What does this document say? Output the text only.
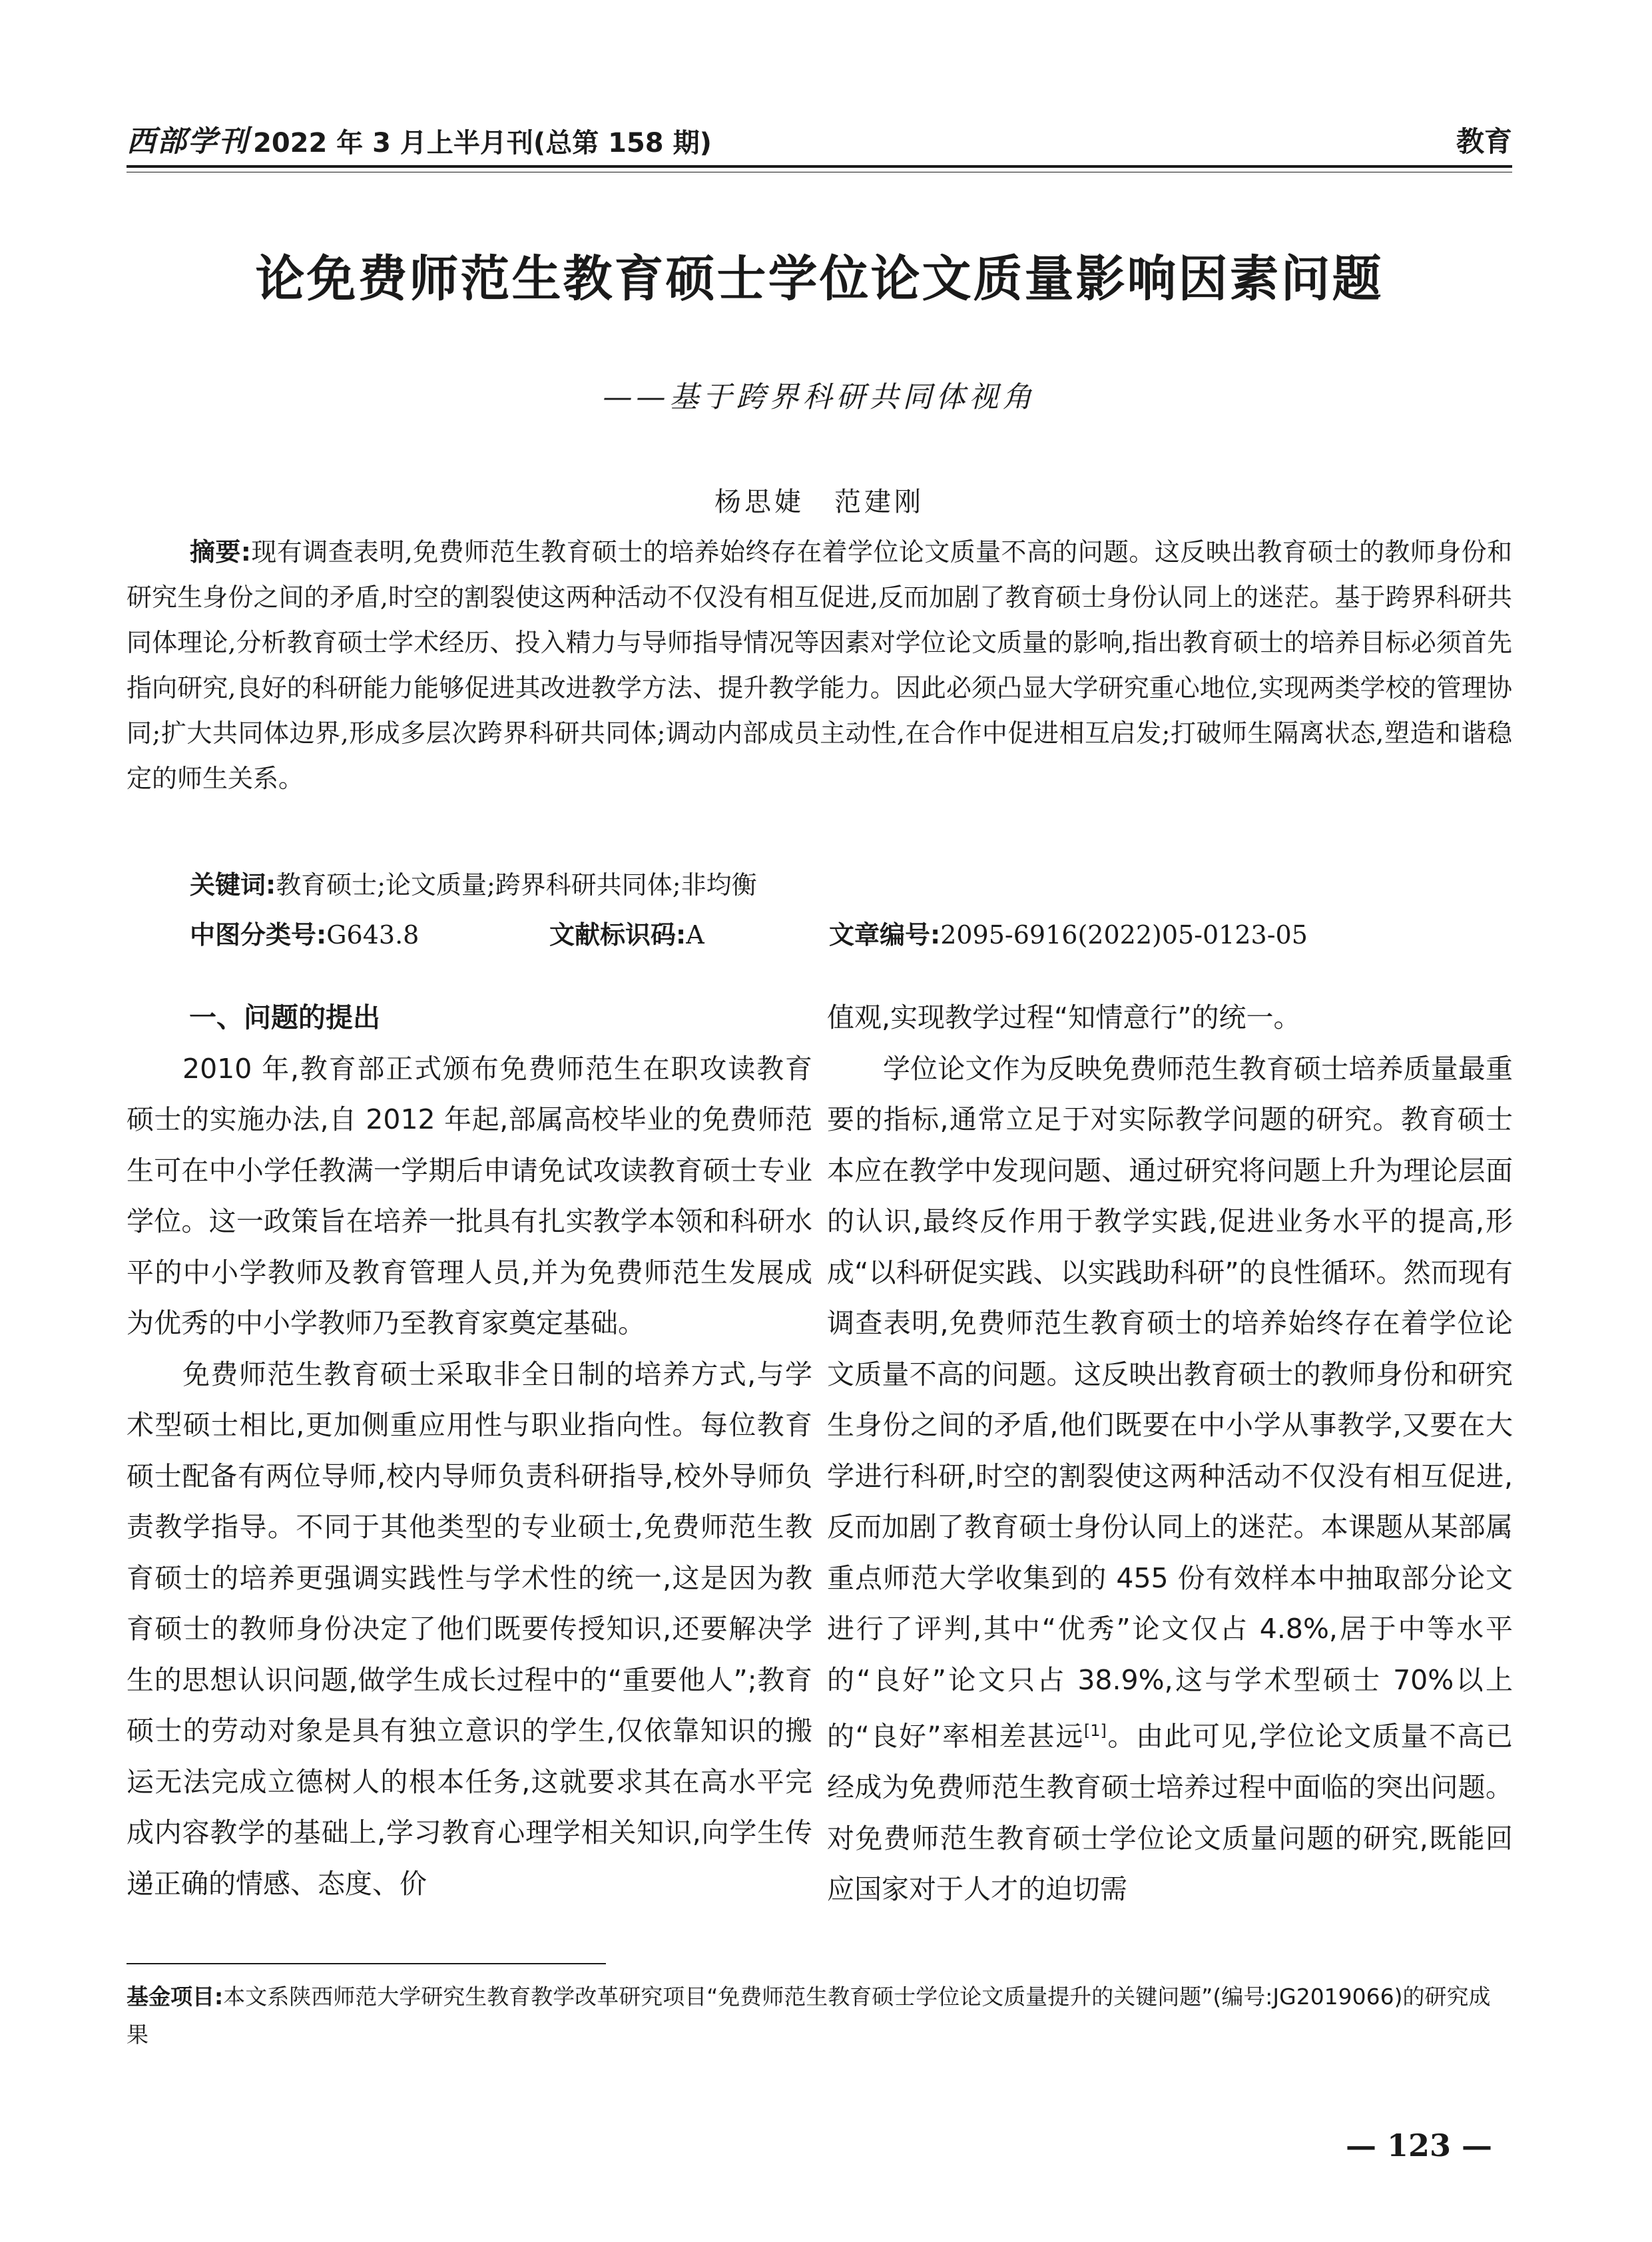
西部学刊 2022 年 3 月上半月刊(总第 158 期)	教育
论免费师范生教育硕士学位论文质量影响因素问题
——基于跨界科研共同体视角
杨思婕　范建刚
摘要:现有调查表明,免费师范生教育硕士的培养始终存在着学位论文质量不高的问题。这反映出教育硕士的教师身份和研究生身份之间的矛盾,时空的割裂使这两种活动不仅没有相互促进,反而加剧了教育硕士身份认同上的迷茫。基于跨界科研共同体理论,分析教育硕士学术经历、投入精力与导师指导情况等因素对学位论文质量的影响,指出教育硕士的培养目标必须首先指向研究,良好的科研能力能够促进其改进教学方法、提升教学能力。因此必须凸显大学研究重心地位,实现两类学校的管理协同;扩大共同体边界,形成多层次跨界科研共同体;调动内部成员主动性,在合作中促进相互启发;打破师生隔离状态,塑造和谐稳定的师生关系。
关键词:教育硕士;论文质量;跨界科研共同体;非均衡
中图分类号:G643.8	文献标识码:A	文章编号:2095-6916(2022)05-0123-05

一、问题的提出

2010 年,教育部正式颁布免费师范生在职攻读教育硕士的实施办法,自 2012 年起,部属高校毕业的免费师范生可在中小学任教满一学期后申请免试攻读教育硕士专业学位。这一政策旨在培养一批具有扎实教学本领和科研水平的中小学教师及教育管理人员,并为免费师范生发展成为优秀的中小学教师乃至教育家奠定基础。

免费师范生教育硕士采取非全日制的培养方式,与学术型硕士相比,更加侧重应用性与职业指向性。每位教育硕士配备有两位导师,校内导师负责科研指导,校外导师负责教学指导。不同于其他类型的专业硕士,免费师范生教育硕士的培养更强调实践性与学术性的统一,这是因为教育硕士的教师身份决定了他们既要传授知识,还要解决学生的思想认识问题,做学生成长过程中的“重要他人”;教育硕士的劳动对象是具有独立意识的学生,仅依靠知识的搬运无法完成立德树人的根本任务,这就要求其在高水平完成内容教学的基础上,学习教育心理学相关知识,向学生传递正确的情感、态度、价

值观,实现教学过程“知情意行”的统一。

学位论文作为反映免费师范生教育硕士培养质量最重要的指标,通常立足于对实际教学问题的研究。教育硕士本应在教学中发现问题、通过研究将问题上升为理论层面的认识,最终反作用于教学实践,促进业务水平的提高,形成“以科研促实践、以实践助科研”的良性循环。然而现有调查表明,免费师范生教育硕士的培养始终存在着学位论文质量不高的问题。这反映出教育硕士的教师身份和研究生身份之间的矛盾,他们既要在中小学从事教学,又要在大学进行科研,时空的割裂使这两种活动不仅没有相互促进,反而加剧了教育硕士身份认同上的迷茫。本课题从某部属重点师范大学收集到的 455 份有效样本中抽取部分论文进行了评判,其中“优秀”论文仅占 4.8%,居于中等水平的“良好”论文只占 38.9%,这与学术型硕士 70%以上的“良好”率相差甚远[1]。由此可见,学位论文质量不高已经成为免费师范生教育硕士培养过程中面临的突出问题。对免费师范生教育硕士学位论文质量问题的研究,既能回应国家对于人才的迫切需

基金项目:本文系陕西师范大学研究生教育教学改革研究项目“免费师范生教育硕士学位论文质量提升的关键问题”(编号:JG2019066)的研究成果
— 123 —
